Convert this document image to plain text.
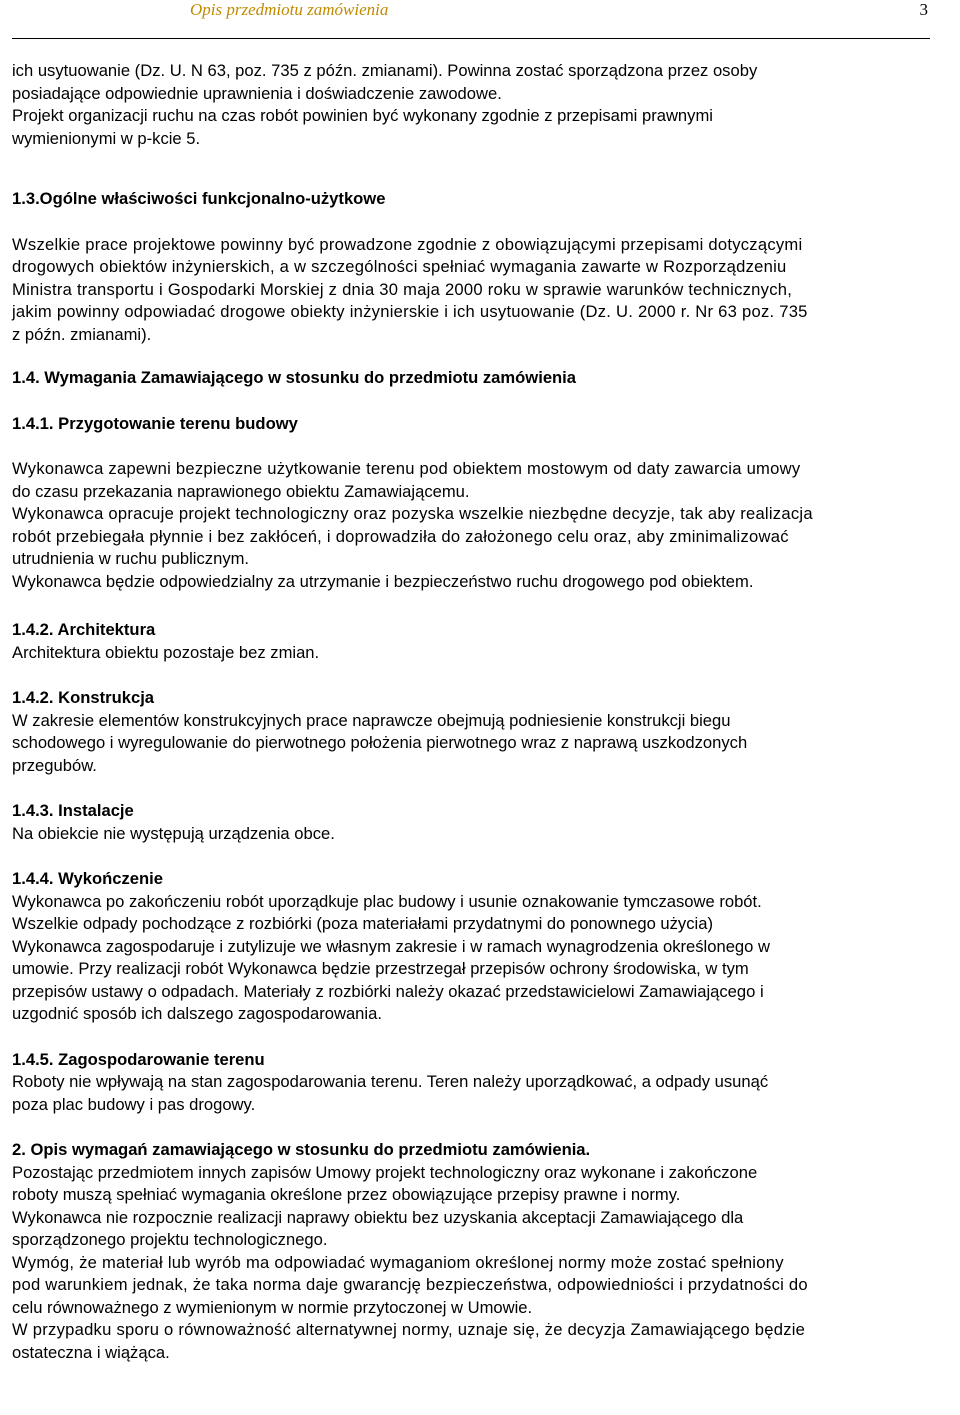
Opis przedmiotu zamówienia	3

ich usytuowanie (Dz. U. N 63, poz. 735 z późn. zmianami). Powinna zostać sporządzona przez osoby

posiadające odpowiednie uprawnienia i doświadczenie zawodowe.

Projekt organizacji ruchu na czas robót powinien być wykonany zgodnie z przepisami prawnymi

wymienionymi w p-kcie 5.

1.3.Ogólne właściwości funkcjonalno-użytkowe

Wszelkie prace projektowe powinny być prowadzone zgodnie z obowiązującymi przepisami dotyczącymi

drogowych obiektów inżynierskich, a w szczególności spełniać wymagania zawarte w Rozporządzeniu

Ministra transportu i Gospodarki Morskiej z dnia 30 maja 2000 roku w sprawie warunków technicznych,

jakim powinny odpowiadać drogowe obiekty inżynierskie i ich usytuowanie (Dz. U. 2000 r. Nr 63 poz. 735

z późn. zmianami).

1.4. Wymagania Zamawiającego w stosunku do przedmiotu zamówienia

1.4.1. Przygotowanie terenu budowy

Wykonawca zapewni bezpieczne użytkowanie terenu pod obiektem mostowym od daty zawarcia umowy

do czasu przekazania naprawionego obiektu Zamawiającemu.

Wykonawca opracuje projekt technologiczny oraz pozyska wszelkie niezbędne decyzje, tak aby realizacja

robót przebiegała płynnie i bez zakłóceń, i doprowadziła do założonego celu oraz, aby zminimalizować

utrudnienia w ruchu publicznym.

Wykonawca będzie odpowiedzialny za utrzymanie i bezpieczeństwo ruchu drogowego pod obiektem.

1.4.2. Architektura

Architektura obiektu pozostaje bez zmian.

1.4.2. Konstrukcja

W zakresie elementów konstrukcyjnych prace naprawcze obejmują podniesienie konstrukcji biegu

schodowego i wyregulowanie do pierwotnego położenia pierwotnego wraz z naprawą uszkodzonych

przegubów.

1.4.3. Instalacje

Na obiekcie nie występują urządzenia obce.

1.4.4. Wykończenie

Wykonawca po zakończeniu robót uporządkuje plac budowy i usunie oznakowanie tymczasowe robót.

Wszelkie odpady pochodzące z rozbiórki (poza materiałami przydatnymi do ponownego użycia)

Wykonawca zagospodaruje i zutylizuje we własnym zakresie i w ramach wynagrodzenia określonego w

umowie. Przy realizacji robót Wykonawca będzie przestrzegał przepisów ochrony środowiska, w tym

przepisów ustawy o odpadach. Materiały z rozbiórki należy okazać przedstawicielowi Zamawiającego i

uzgodnić sposób ich dalszego zagospodarowania.

1.4.5. Zagospodarowanie terenu

Roboty nie wpływają na stan zagospodarowania terenu. Teren należy uporządkować, a odpady usunąć

poza plac budowy i pas drogowy.

2. Opis wymagań zamawiającego w stosunku do przedmiotu zamówienia.

Pozostając przedmiotem innych zapisów Umowy projekt technologiczny oraz wykonane i zakończone

roboty muszą spełniać wymagania określone przez obowiązujące przepisy prawne i normy.

Wykonawca nie rozpocznie realizacji naprawy obiektu bez uzyskania akceptacji Zamawiającego dla

sporządzonego projektu technologicznego.

Wymóg, że materiał lub wyrób ma odpowiadać wymaganiom określonej normy może zostać spełniony

pod warunkiem jednak, że taka norma daje gwarancję bezpieczeństwa, odpowiedniości i przydatności do

celu równoważnego z wymienionym w normie przytoczonej w Umowie.

W przypadku sporu o równoważność alternatywnej normy, uznaje się, że decyzja Zamawiającego będzie

ostateczna i wiążąca.
